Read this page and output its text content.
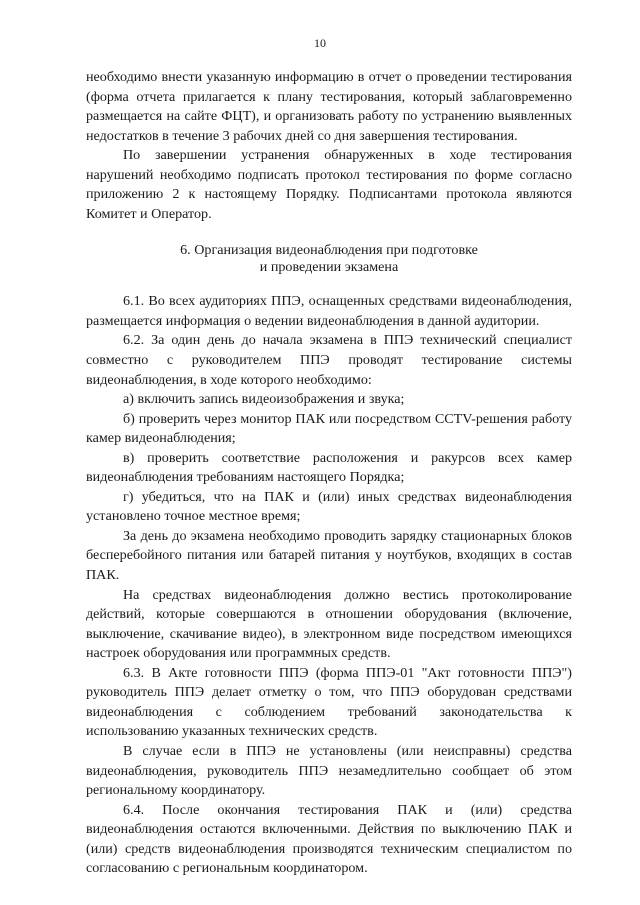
10

необходимо внести указанную информацию в отчет о проведении тестирования (форма отчета прилагается к плану тестирования, который заблаговременно размещается на сайте ФЦТ), и организовать работу по устранению выявленных недостатков в течение 3 рабочих дней со дня завершения тестирования.

По завершении устранения обнаруженных в ходе тестирования нарушений необходимо подписать протокол тестирования по форме согласно приложению 2 к настоящему Порядку. Подписантами протокола являются Комитет и Оператор.

6. Организация видеонаблюдения при подготовке
и проведении экзамена

6.1. Во всех аудиториях ППЭ, оснащенных средствами видеонаблюдения, размещается информация о ведении видеонаблюдения в данной аудитории.

6.2. За один день до начала экзамена в ППЭ технический специалист совместно с руководителем ППЭ проводят тестирование системы видеонаблюдения, в ходе которого необходимо:

а) включить запись видеоизображения и звука;

б) проверить через монитор ПАК или посредством CCTV-решения работу камер видеонаблюдения;

в) проверить соответствие расположения и ракурсов всех камер видеонаблюдения требованиям настоящего Порядка;

г) убедиться, что на ПАК и (или) иных средствах видеонаблюдения установлено точное местное время;

За день до экзамена необходимо проводить зарядку стационарных блоков бесперебойного питания или батарей питания у ноутбуков, входящих в состав ПАК.

На средствах видеонаблюдения должно вестись протоколирование действий, которые совершаются в отношении оборудования (включение, выключение, скачивание видео), в электронном виде посредством имеющихся настроек оборудования или программных средств.

6.3. В Акте готовности ППЭ (форма ППЭ-01 "Акт готовности ППЭ") руководитель ППЭ делает отметку о том, что ППЭ оборудован средствами видеонаблюдения с соблюдением требований законодательства к использованию указанных технических средств.

В случае если в ППЭ не установлены (или неисправны) средства видеонаблюдения, руководитель ППЭ незамедлительно сообщает об этом региональному координатору.

6.4. После окончания тестирования ПАК и (или) средства видеонаблюдения остаются включенными. Действия по выключению ПАК и (или) средств видеонаблюдения производятся техническим специалистом по согласованию с региональным координатором.
